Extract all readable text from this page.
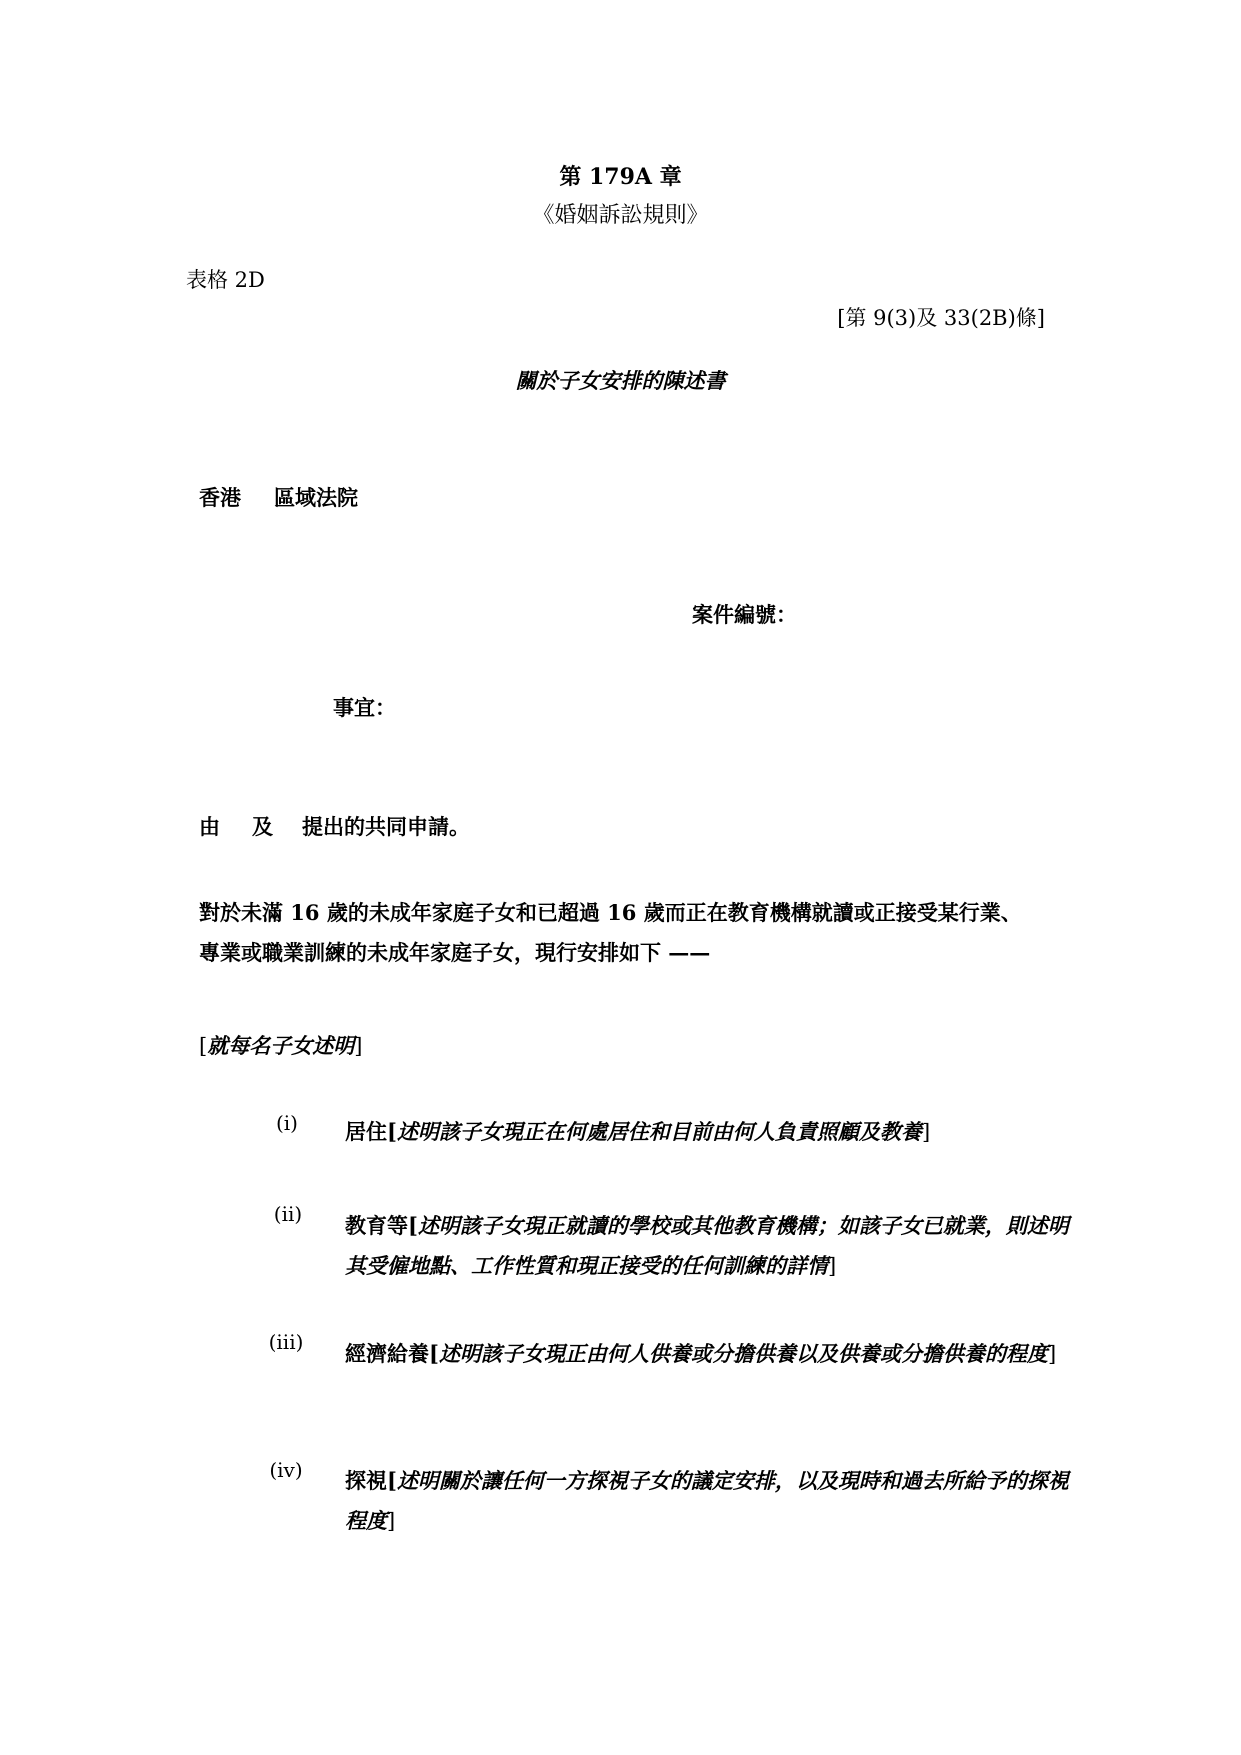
第 179A 章
《婚姻訴訟規則》
表格 2D
[第 9(3)及 33(2B)條]
關於子女安排的陳述書
香港 區域法院
案件編號：
事宜：
由 及 提出的共同申請。
對於未滿 16 歲的未成年家庭子女和已超過 16 歲而正在教育機構就讀或正接受某行業、
專業或職業訓練的未成年家庭子女，現行安排如下 ——
[就每名子女述明]
(i)	居住[述明該子女現正在何處居住和目前由何人負責照顧及教養]
(ii) 教育等[述明該子女現正就讀的學校或其他教育機構；如該子女已就業，則述明其受僱地點、工作性質和現正接受的任何訓練的詳情]
(iii) 經濟給養[述明該子女現正由何人供養或分擔供養以及供養或分擔供養的程度]
(iv) 探視[述明關於讓任何一方探視子女的議定安排，以及現時和過去所給予的探視程度]
